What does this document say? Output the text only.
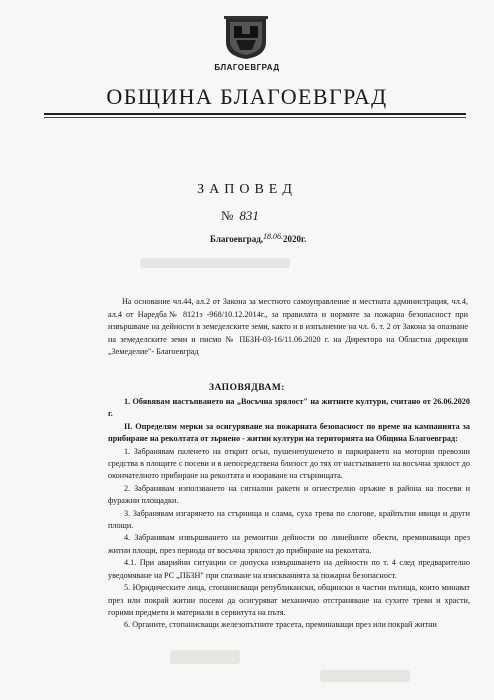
БЛАГОЕВГРАД
ОБЩИНА БЛАГОЕВГРАД
ЗАПОВЕД
№ 831
Благоевград,18.06.2020г.

На основание чл.44, ал.2 от Закона за местното самоуправление и местната администрация, чл.4, ал.4 от Наредба№ 8121з -968/10.12.2014г., за правилата и нормите за пожарна безопасност при извършване на дейности в земеделските земи, както и в изпълнение на чл. 6. т. 2 от Закона за опазване на земеделските земи и писмо № ПБЗН-03-16/11.06.2020 г. на Директора на Областна дирекция „Земеделие"- Благоевград

ЗАПОВЯДВАМ:

1. Обявявам настъпването на „Восъчна зрялост" на житните култури, считано от 26.06.2020 г.

II. Определям мерки за осигуряване на пожарната безопасност по време на кампанията за прибиране на реколтата от зърнено - житни култури на територията на Община Благоевград:

1. Забранявам паленето на открит огън, пушенепушенето и паркирането на моторни превозни средства в площите с посеви и в непосредствена близост до тях от настъпването на восъчна зрялост до окончателното прибиране на реколтата и изораване на стърнищата.

2. Забранявам използването на сигнални ракети и огнестрелно оръжие в района на посеви и фуражни площадки.

3. Забранявам изгарянето на стърнища и слама, суха трева по слогове, крайпътни ивици и други площи.

4. Забранявам извършването на ремонтни дейности по линейните обекти, преминаващи през житни площи, през периода от восъчна зрялост до прибиране на реколтата.

4.1. При аварийни ситуации се допуска извършването на дейности по т. 4 след предварително уведомяване на РС „ПБЗН" при спазване на изискванията за пожарна безопасност.

5. Юридическите лица, стопанисващи републикански, общински и частни пътища, които минават през или покрай житни посеви да осигуряват механично отстраняване на сухите треви и храсти, горими предмети и материали в сервитута на пътя.

6. Органите, стопанисващи железопътните трасета, преминаващи през или покрай житни
